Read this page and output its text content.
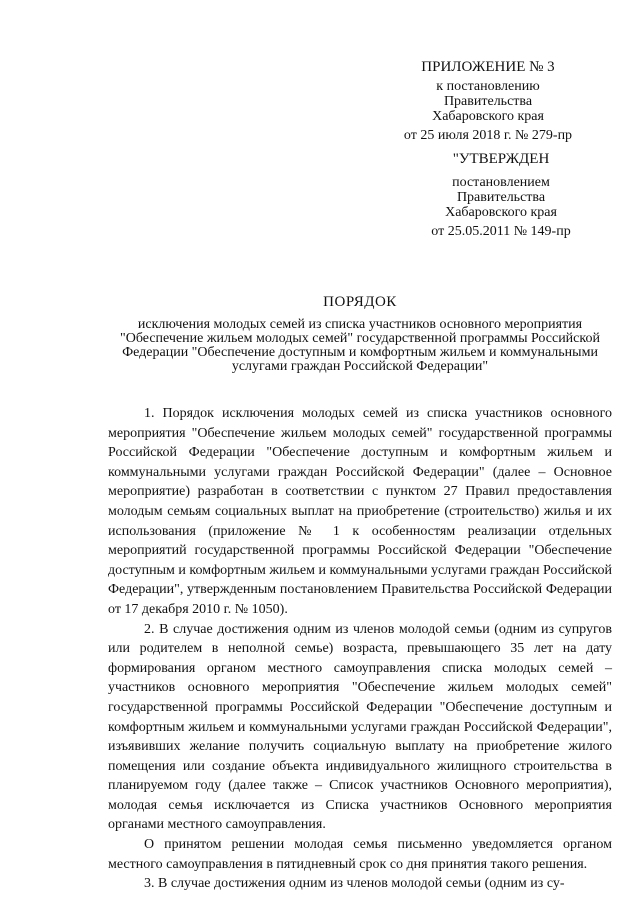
ПРИЛОЖЕНИЕ № 3
к постановлению
Правительства
Хабаровского края
от 25 июля 2018 г. № 279-пр
"УТВЕРЖДЕН
постановлением
Правительства
Хабаровского края
от 25.05.2011 № 149-пр
ПОРЯДОК
исключения молодых семей из списка участников основного мероприятия "Обеспечение жильем молодых семей" государственной программы Российской Федерации "Обеспечение доступным и комфортным жильем и коммунальными услугами граждан Российской Федерации"

1. Порядок исключения молодых семей из списка участников основного мероприятия "Обеспечение жильем молодых семей" государственной программы Российской Федерации "Обеспечение доступным и комфортным жильем и коммунальными услугами граждан Российской Федерации" (далее – Основное мероприятие) разработан в соответствии с пунктом 27 Правил предоставления молодым семьям социальных выплат на приобретение (строительство) жилья и их использования (приложение № 1 к особенностям реализации отдельных мероприятий государственной программы Российской Федерации "Обеспечение доступным и комфортным жильем и коммунальными услугами граждан Российской Федерации", утвержденным постановлением Правительства Российской Федерации от 17 декабря 2010 г. № 1050).

2. В случае достижения одним из членов молодой семьи (одним из супругов или родителем в неполной семье) возраста, превышающего 35 лет на дату формирования органом местного самоуправления списка молодых семей – участников основного мероприятия "Обеспечение жильем молодых семей" государственной программы Российской Федерации "Обеспечение доступным и комфортным жильем и коммунальными услугами граждан Российской Федерации", изъявивших желание получить социальную выплату на приобретение жилого помещения или создание объекта индивидуального жилищного строительства в планируемом году (далее также – Список участников Основного мероприятия), молодая семья исключается из Списка участников Основного мероприятия органами местного самоуправления.

О принятом решении молодая семья письменно уведомляется органом местного самоуправления в пятидневный срок со дня принятия такого решения.

3. В случае достижения одним из членов молодой семьи (одним из су-
